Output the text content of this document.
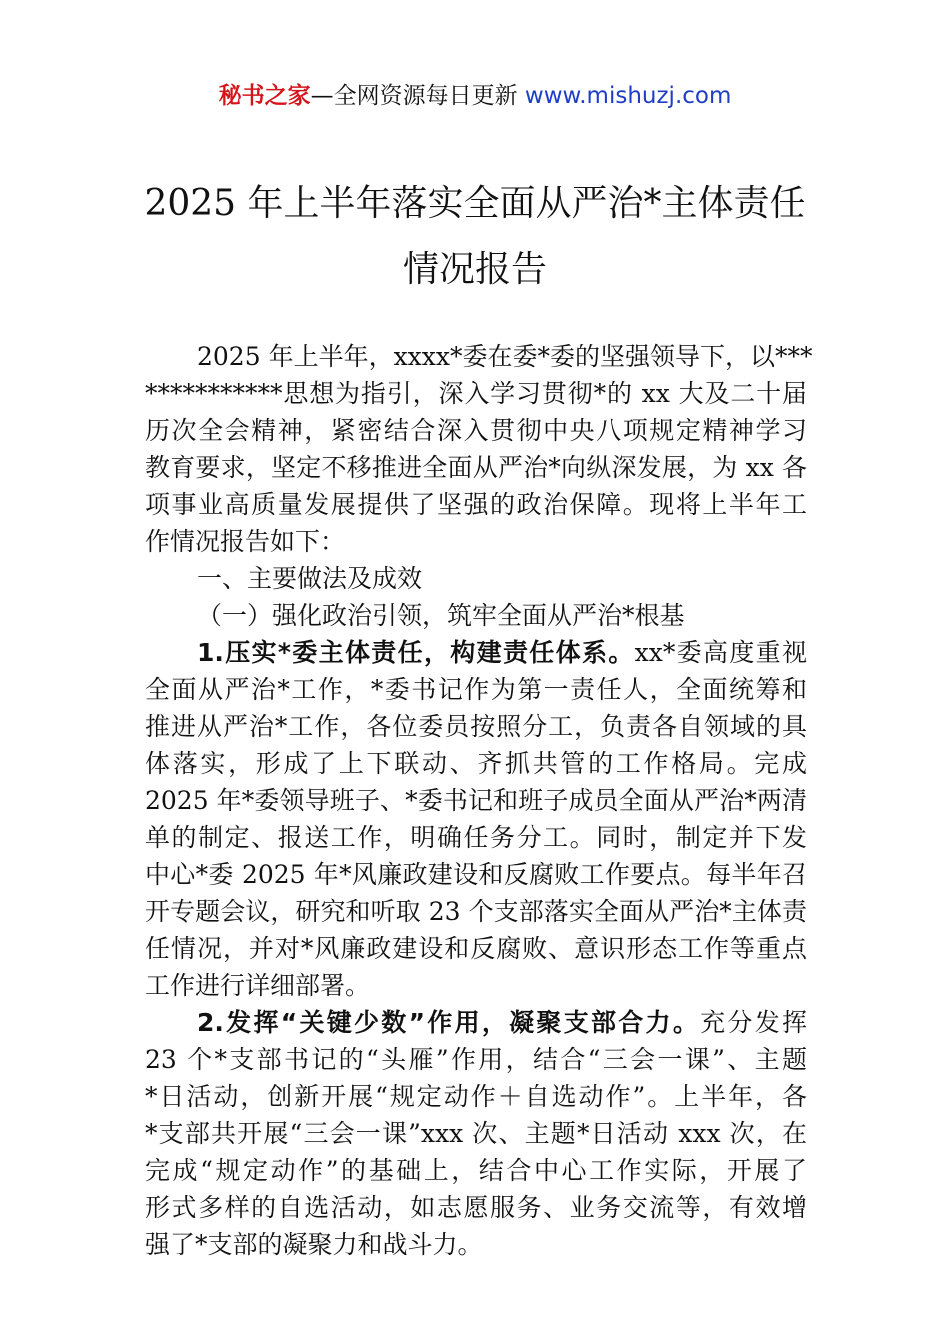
秘书之家—全网资源每日更新 www.mishuzj.com
2025 年上半年落实全面从严治*主体责任
情况报告
2025 年上半年，xxxx*委在委*委的坚强领导下，以***
***********思想为指引，深入学习贯彻*的 xx 大及二十届
历次全会精神，紧密结合深入贯彻中央八项规定精神学习
教育要求，坚定不移推进全面从严治*向纵深发展，为 xx 各
项事业高质量发展提供了坚强的政治保障。现将上半年工
作情况报告如下：
一、主要做法及成效
（一）强化政治引领，筑牢全面从严治*根基
1.压实*委主体责任，构建责任体系。xx*委高度重视
全面从严治*工作，*委书记作为第一责任人，全面统筹和
推进从严治*工作，各位委员按照分工，负责各自领域的具
体落实，形成了上下联动、齐抓共管的工作格局。完成
2025 年*委领导班子、*委书记和班子成员全面从严治*两清
单的制定、报送工作，明确任务分工。同时，制定并下发
中心*委 2025 年*风廉政建设和反腐败工作要点。每半年召
开专题会议，研究和听取 23 个支部落实全面从严治*主体责
任情况，并对*风廉政建设和反腐败、意识形态工作等重点
工作进行详细部署。
2.发挥“关键少数”作用，凝聚支部合力。充分发挥
23 个*支部书记的“头雁”作用，结合“三会一课”、主题
*日活动，创新开展“规定动作＋自选动作”。上半年，各
*支部共开展“三会一课”xxx 次、主题*日活动 xxx 次，在
完成“规定动作”的基础上，结合中心工作实际，开展了
形式多样的自选活动，如志愿服务、业务交流等，有效增
强了*支部的凝聚力和战斗力。
